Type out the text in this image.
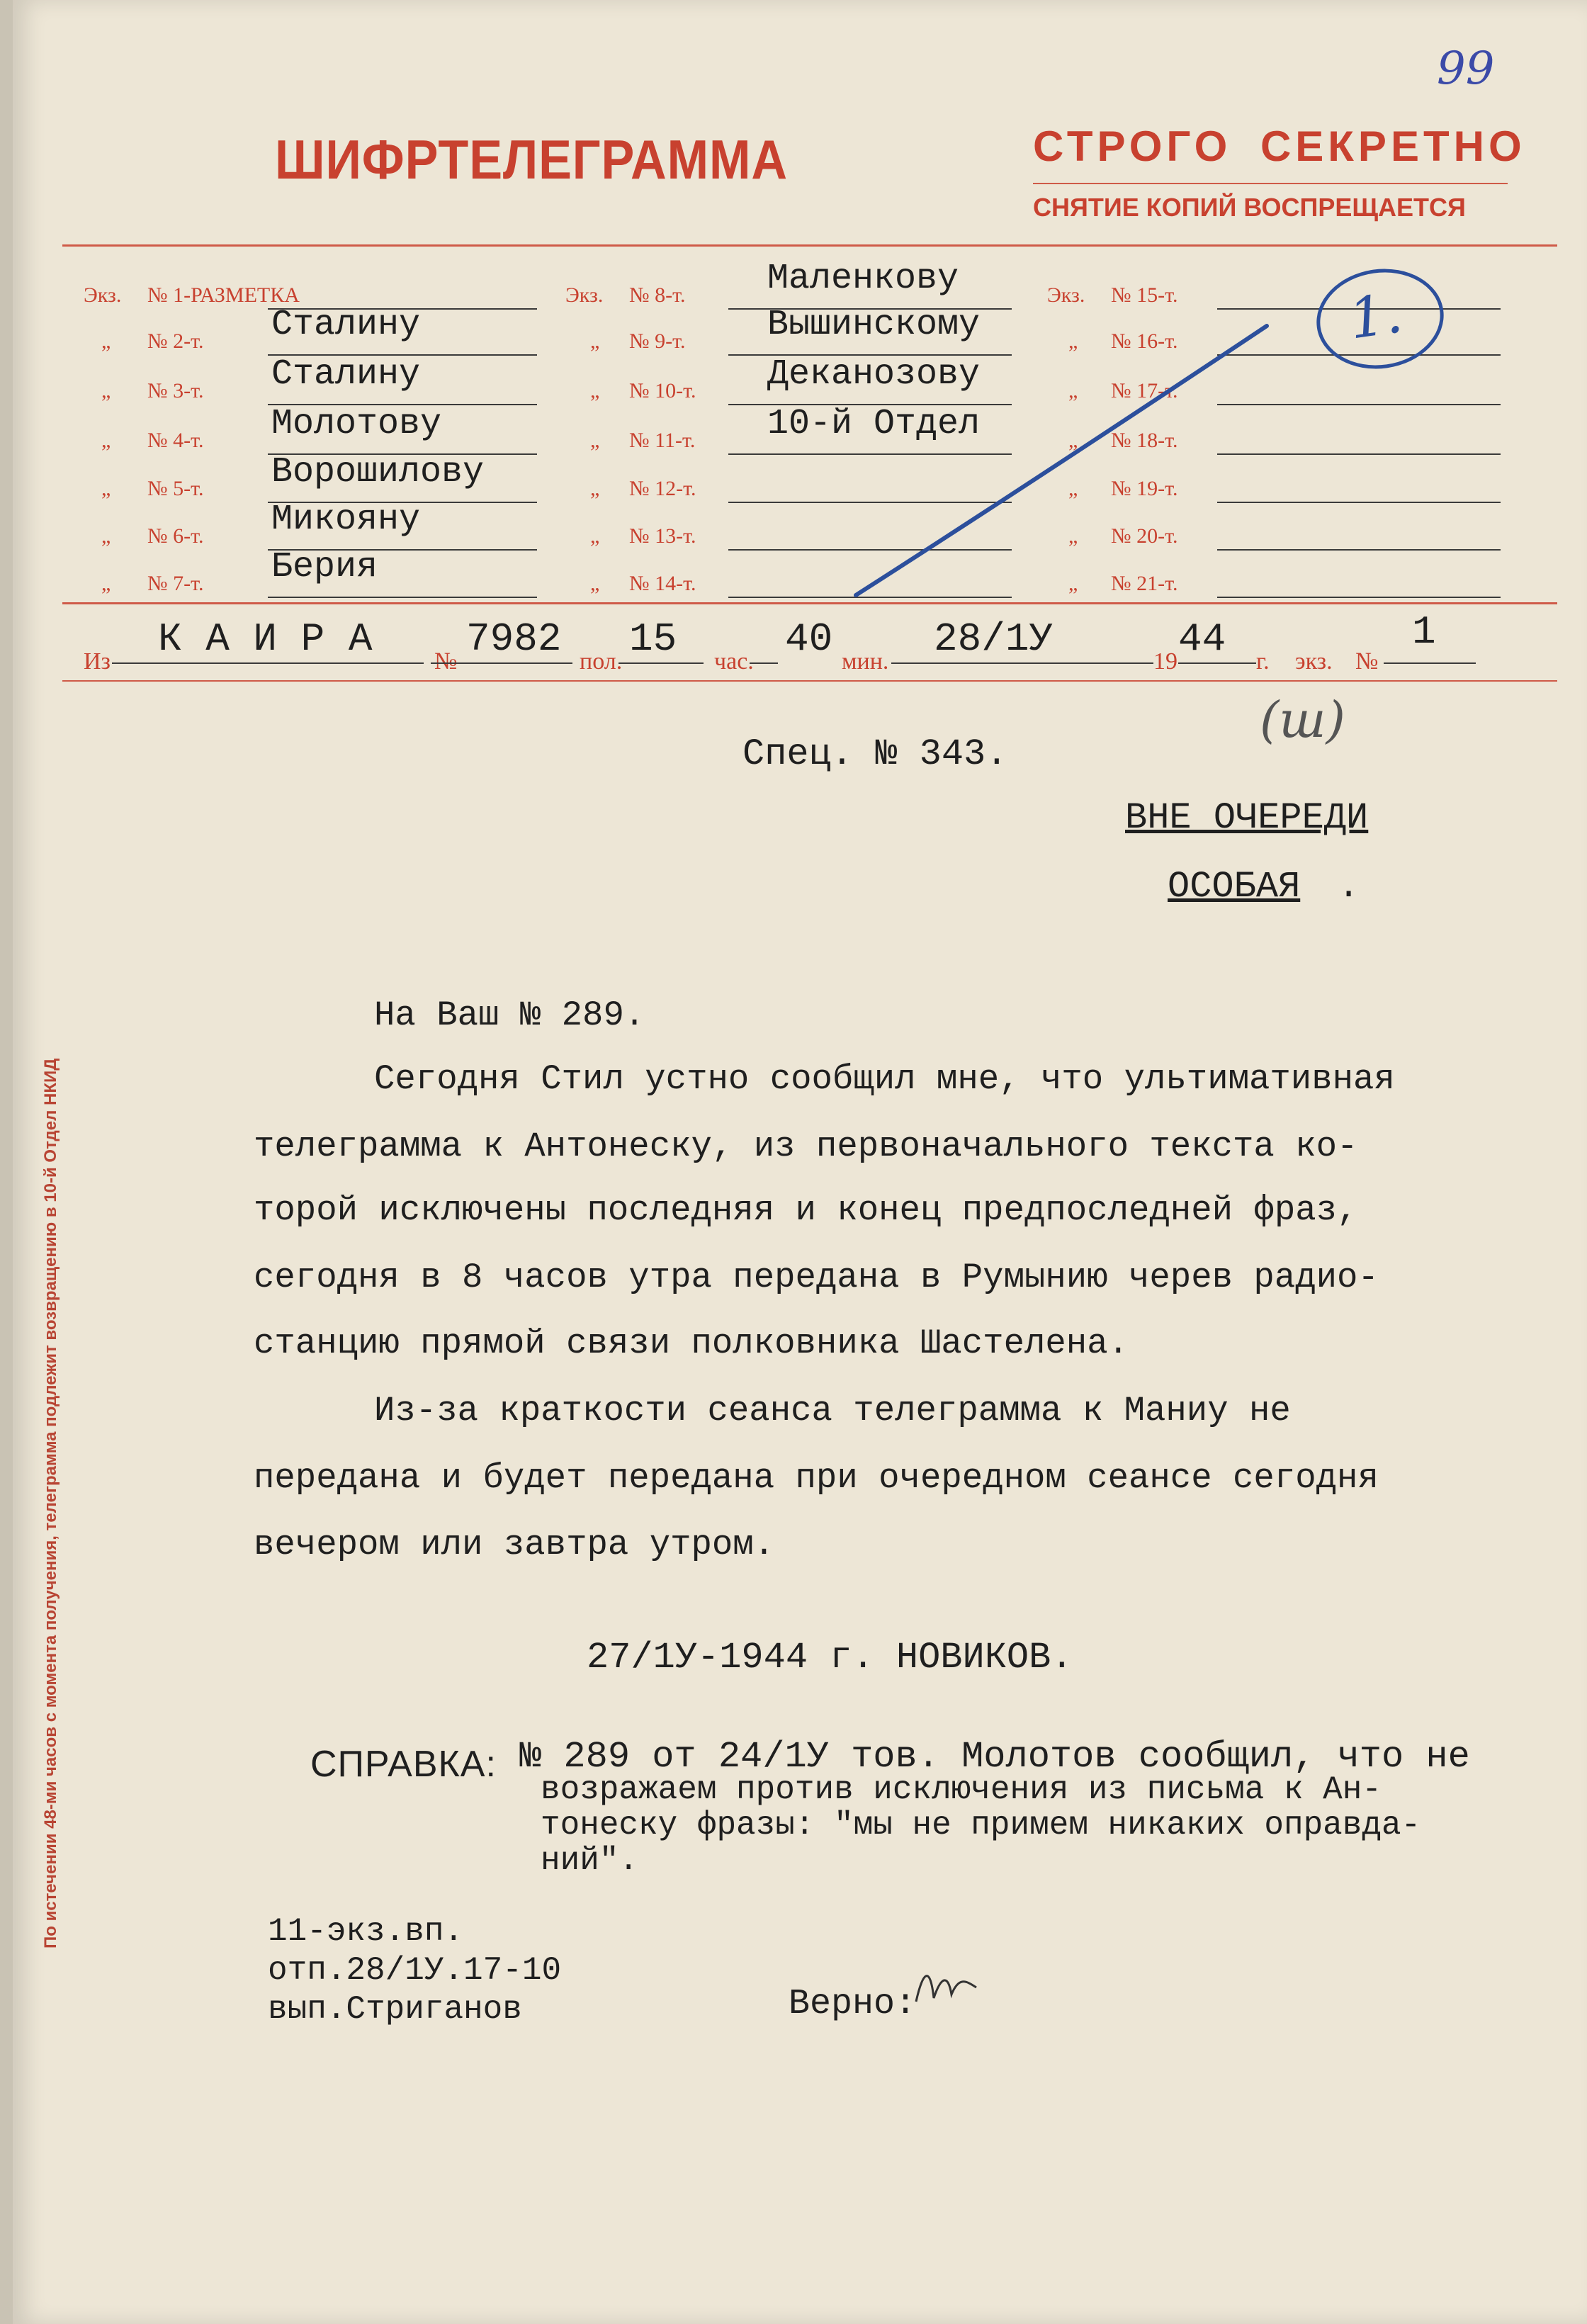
99
ШИФРТЕЛЕГРАММА	СТРОГО СЕКРЕТНО
СНЯТИЕ КОПИЙ ВОСПРЕЩАЕТСЯ
Экз. № 1-РАЗМЕТКА
„ № 2-т. Сталину
„ № 3-т. Сталину
„ № 4-т. Молотову
„ № 5-т. Ворошилову
„ № 6-т. Микояну
„ № 7-т. Берия
Экз. № 8-т. Маленкову
„ № 9-т. Вышинскому
„ № 10-т. Деканозову
„ № 11-т. 10-й Отдел
„ № 12-т.
„ № 13-т.
„ № 14-т.
Экз. № 15-т.
„ № 16-т.
„ № 17-т.
„ № 18-т.
„ № 19-т.
„ № 20-т.
„ № 21-т.
1.
Из К А И Р А	№ 7982 пол. 15 час. 40 мин. 28/1У	19 44 г. экз. №
1
(ш)
Спец. № 343.
ВНЕ ОЧЕРЕДИ
ОСОБАЯ .
На Ваш № 289.
Сегодня Стил устно сообщил мне, что ультимативная
телеграмма к Антонеску, из первоначального текста ко-
торой исключены последняя и конец предпоследней фраз,
сегодня в 8 часов утра передана в Румынию черев радио-
станцию прямой связи полковника Шастелена.
Из-за краткости сеанса телеграмма к Маниу не
передана и будет передана при очередном сеансе сегодня
вечером или завтра утром.
27/1У-1944 г. НОВИКОВ.
СПРАВКА: № 289 от 24/1У тов. Молотов сообщил, что не
возражаем против исключения из письма к Ан-
тонеску фразы: "мы не примем никаких оправда-
ний".
11-экз.вп.
отп.28/1У.17-10
вып.Стриганов	Верно:
По истечении 48-ми часов с момента получения, телеграмма подлежит возвращению в 10-й Отдел НКИД
